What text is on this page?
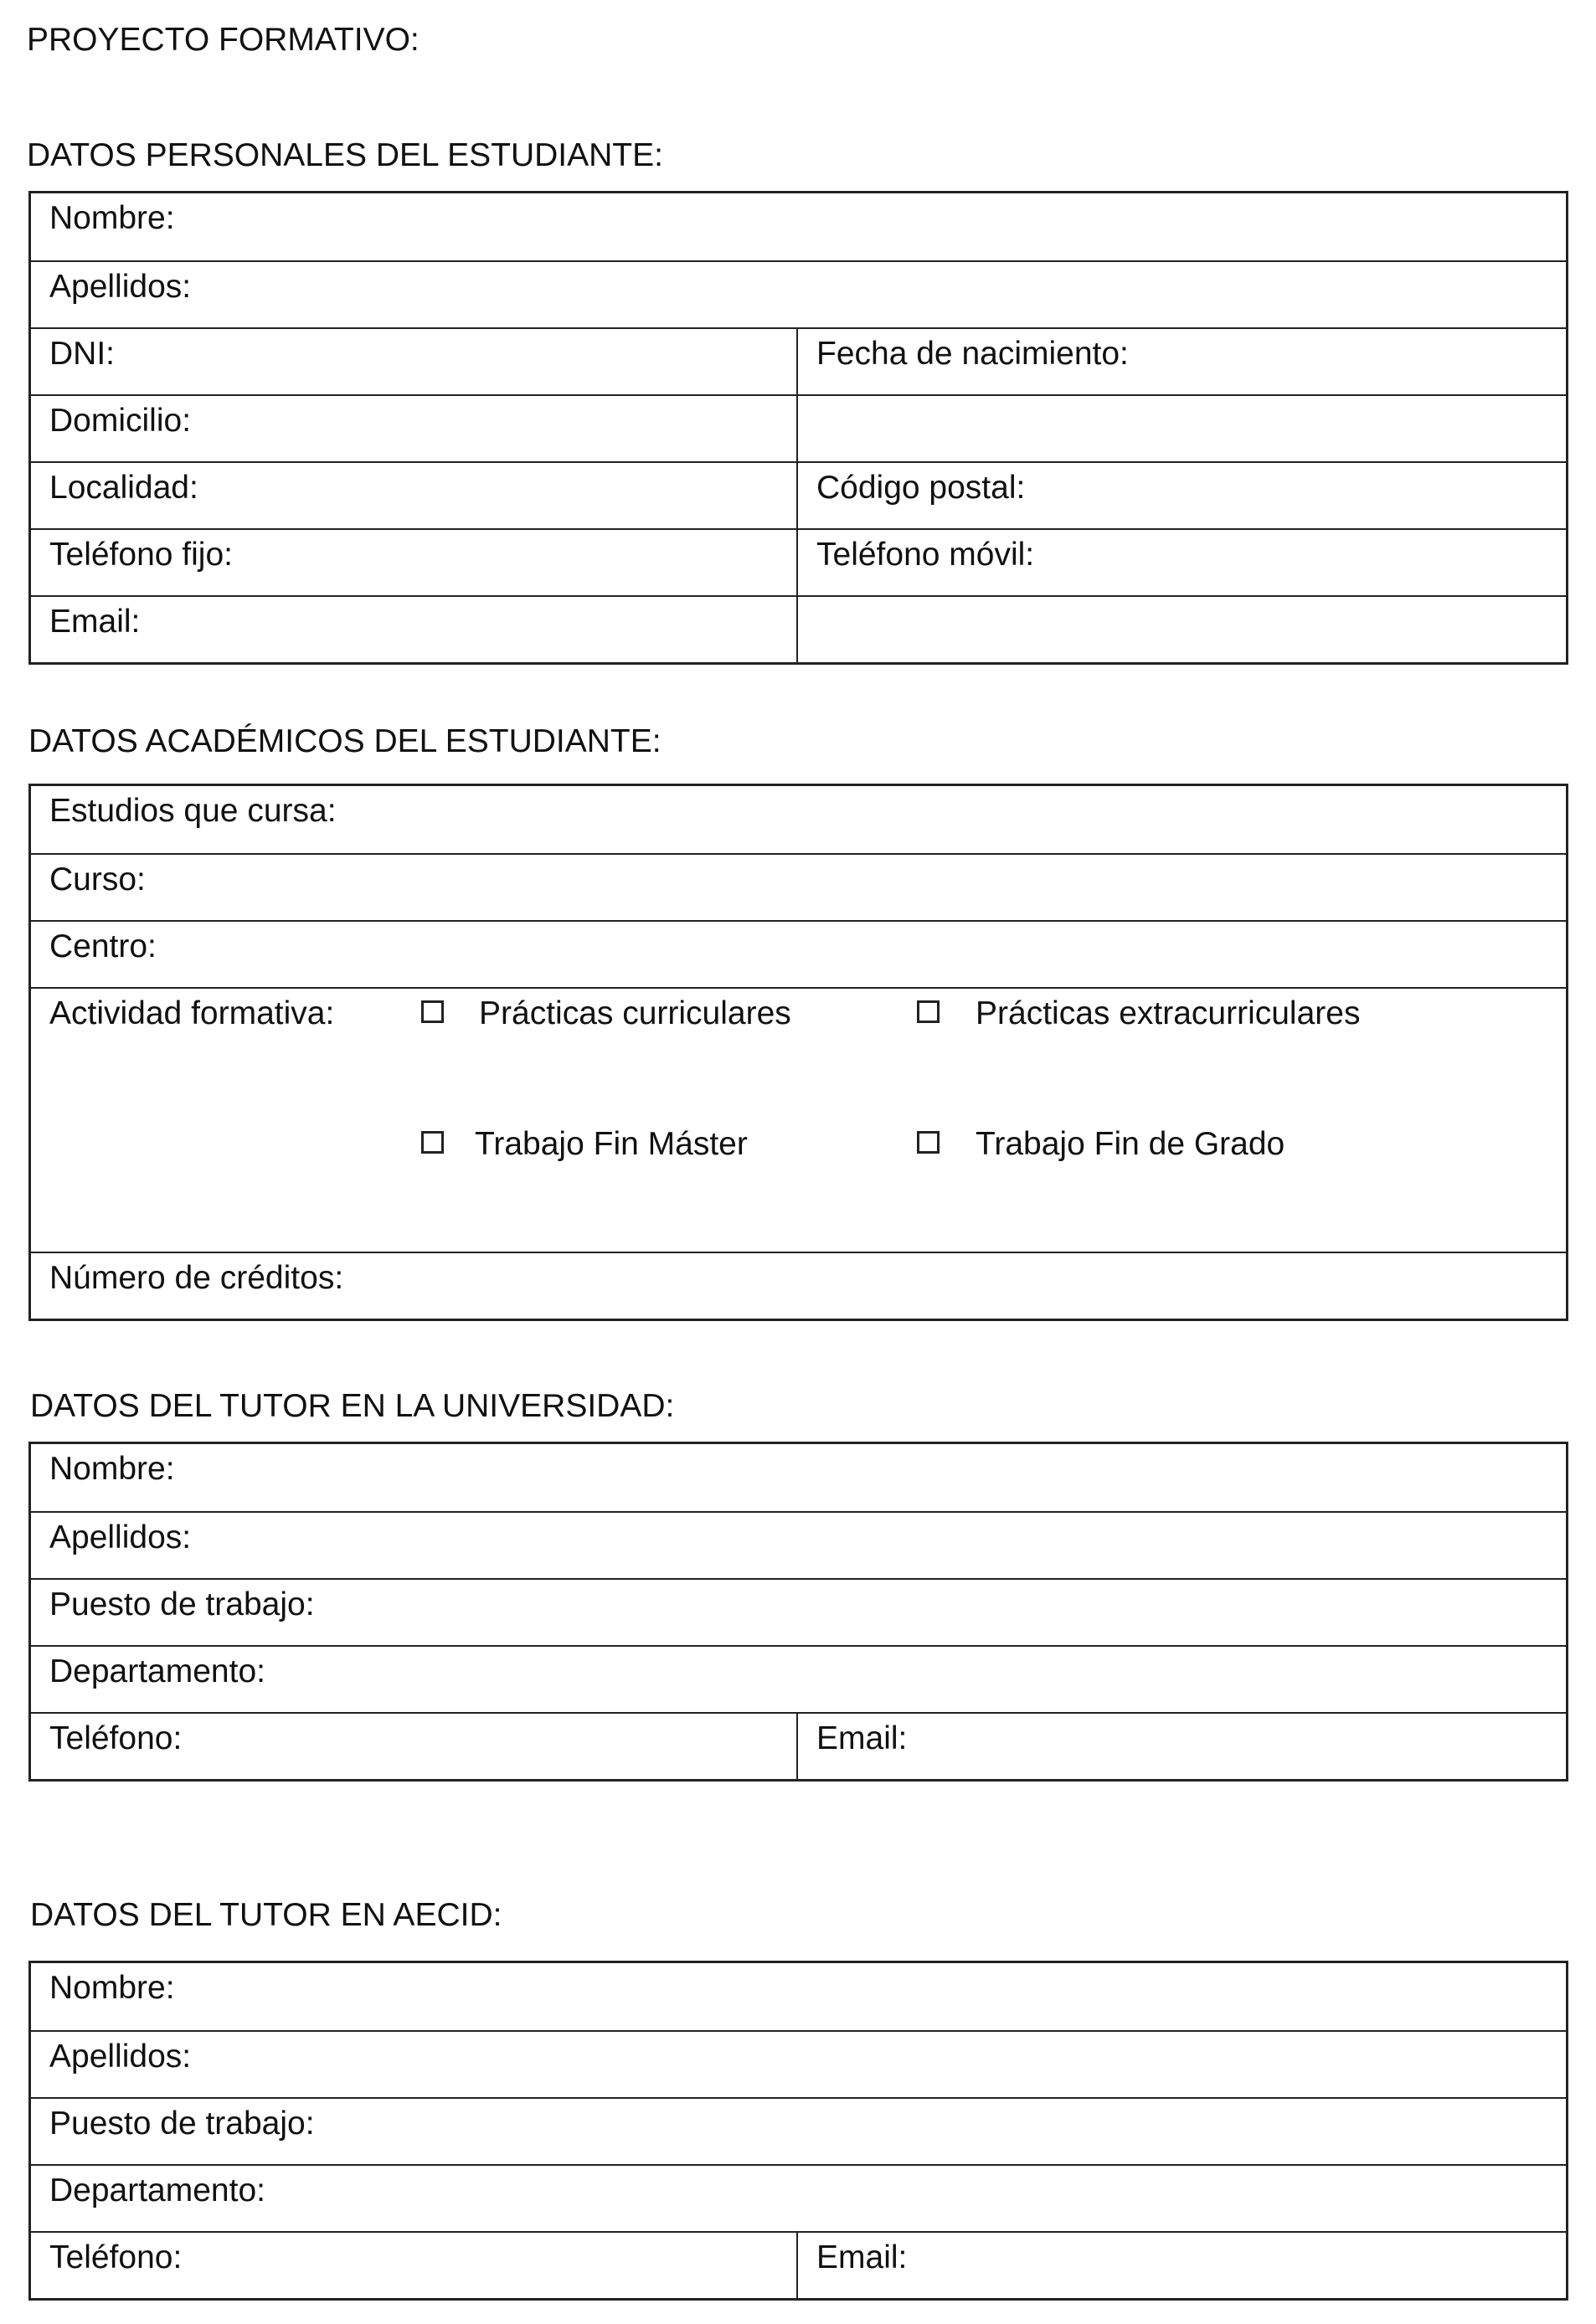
PROYECTO FORMATIVO:
DATOS PERSONALES DEL ESTUDIANTE:
Nombre:
Apellidos:
DNI:	Fecha de nacimiento:
Domicilio:
Localidad:	Código postal:
Teléfono fijo:	Teléfono móvil:
Email:
DATOS ACADÉMICOS DEL ESTUDIANTE:
Estudios que cursa:
Curso:
Centro:
Actividad formativa:	Prácticas curriculares	Prácticas extracurriculares
Trabajo Fin Máster	Trabajo Fin de Grado
Número de créditos:
DATOS DEL TUTOR EN LA UNIVERSIDAD:
Nombre:
Apellidos:
Puesto de trabajo:
Departamento:
Teléfono:	Email:
DATOS DEL TUTOR EN AECID:
Nombre:
Apellidos:
Puesto de trabajo:
Departamento:
Teléfono:	Email:
